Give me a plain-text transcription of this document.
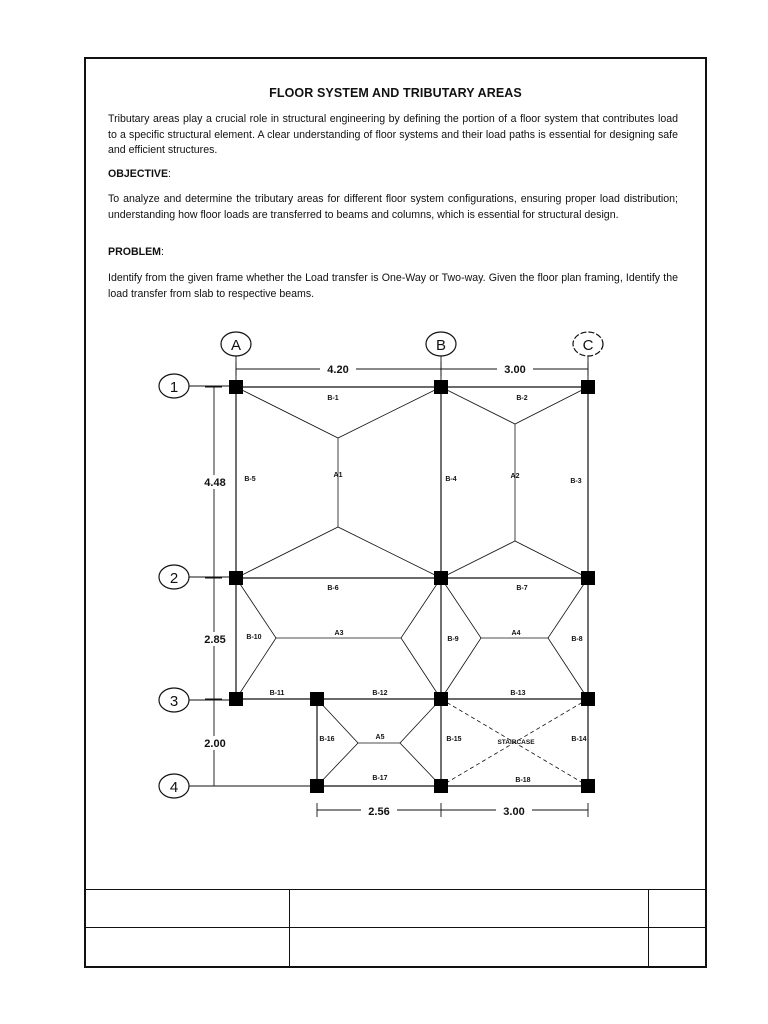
FLOOR SYSTEM AND TRIBUTARY AREAS

Tributary areas play a crucial role in structural engineering by defining the portion of a floor system that contributes load to a specific structural element. A clear understanding of floor systems and their load paths is essential for designing safe and efficient structures.

OBJECTIVE:

To analyze and determine the tributary areas for different floor system configurations, ensuring proper load distribution; understanding how floor loads are transferred to beams and columns, which is essential for structural design.

PROBLEM:

Identify from the given frame whether the Load transfer is One-Way or Two-way. Given the floor plan framing, Identify the load transfer from slab to respective beams.

A	B	C
1
2
3
4
4.20	3.00
4.48
2.85
2.00
2.56	3.00
B-1	B-2
B-3
B-4
B-5
B-6	B-7
B-8
B-9
B-10
B-11	B-12	B-13
B-14
B-15
B-16
B-17	B-18
A1	A2
A3	A4
A5
STAIRCASE
